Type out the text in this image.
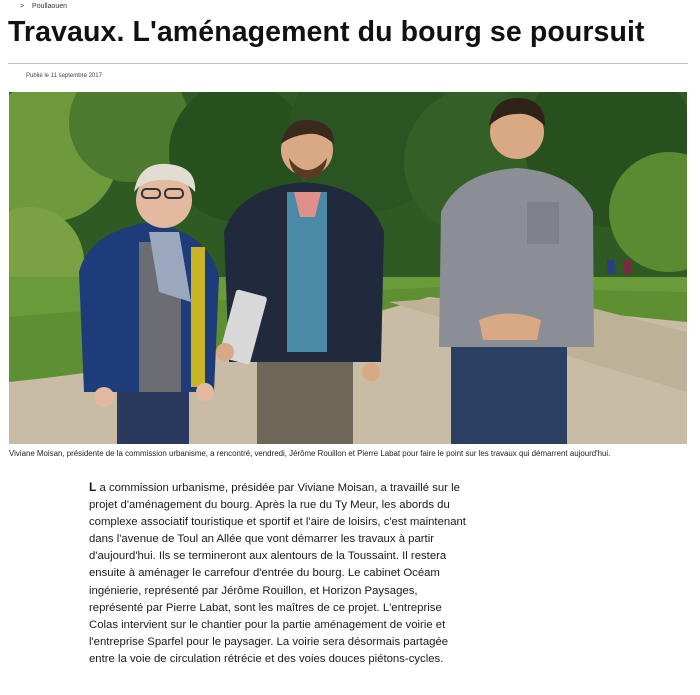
> Poullaouen
Travaux. L'aménagement du bourg se poursuit
Publié le 11 septembre 2017
Viviane Moisan, présidente de la commission urbanisme, a rencontré, vendredi, Jérôme Rouillon et Pierre Labat pour faire le point sur les travaux qui démarrent aujourd'hui.

L a commission urbanisme, présidée par Viviane Moisan, a travaillé sur le projet d'aménagement du bourg. Après la rue du Ty Meur, les abords du complexe associatif touristique et sportif et l'aire de loisirs, c'est maintenant dans l'avenue de Toul an Allée que vont démarrer les travaux à partir d'aujourd'hui. Ils se termineront aux alentours de la Toussaint. Il restera ensuite à aménager le carrefour d'entrée du bourg. Le cabinet Océam ingénierie, représenté par Jérôme Rouillon, et Horizon Paysages, représenté par Pierre Labat, sont les maîtres de ce projet. L'entreprise Colas intervient sur le chantier pour la partie aménagement de voirie et l'entreprise Sparfel pour le paysager. La voirie sera désormais partagée entre la voie de circulation rétrécie et des voies douces piétons-cycles.
